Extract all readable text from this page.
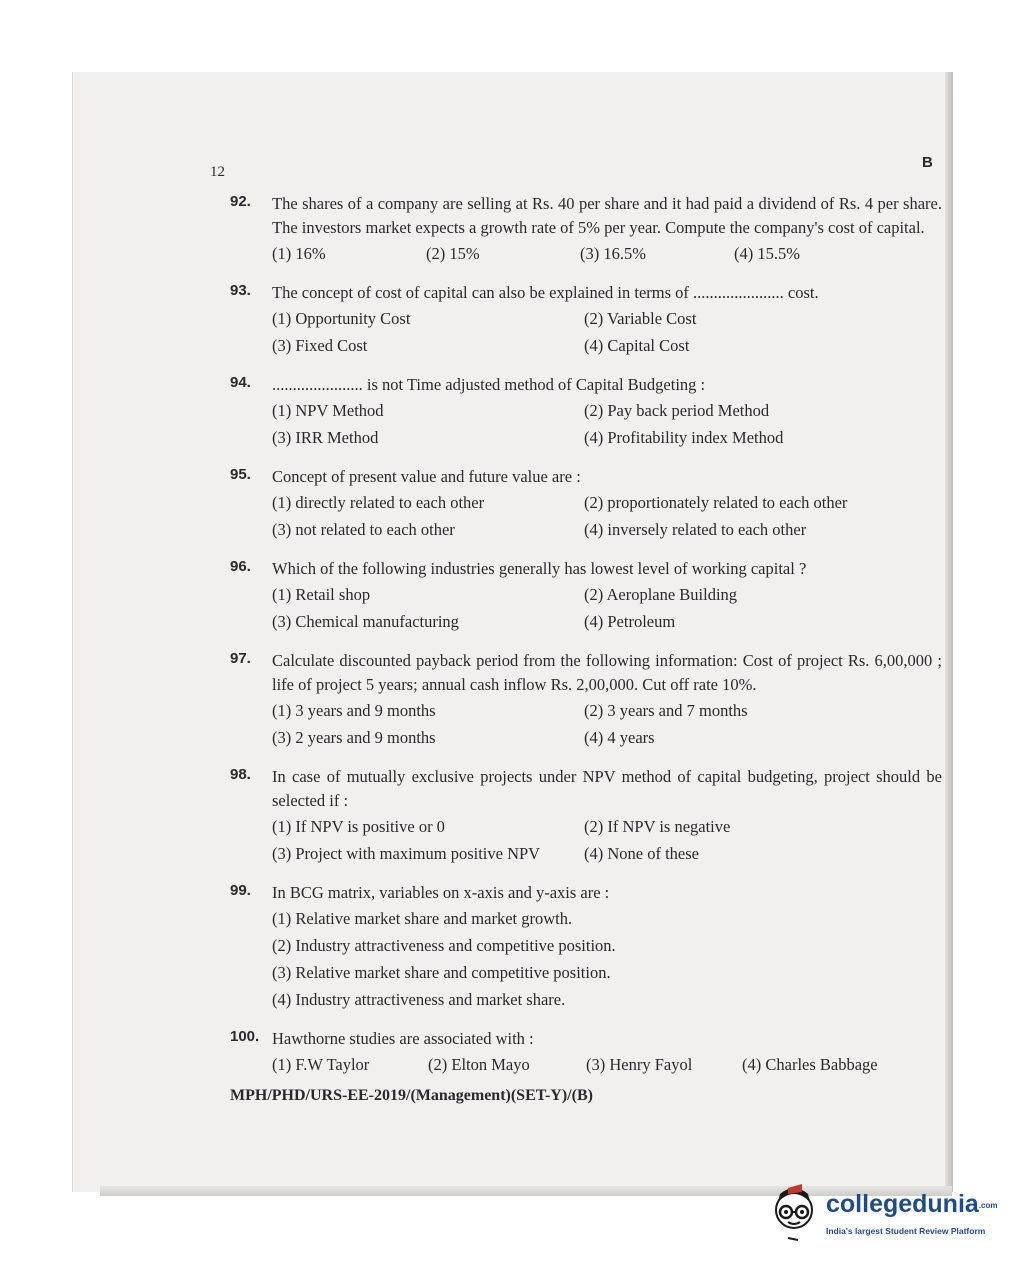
12
B
92. The shares of a company are selling at Rs. 40 per share and it had paid a dividend of Rs. 4 per share. The investors market expects a growth rate of 5% per year. Compute the company's cost of capital.
(1) 16%	(2) 15%	(3) 16.5%	(4) 15.5%
93. The concept of cost of capital can also be explained in terms of ...................... cost.
(1) Opportunity Cost	(2) Variable Cost
(3) Fixed Cost	(4) Capital Cost
94. ...................... is not Time adjusted method of Capital Budgeting :
(1) NPV Method	(2) Pay back period Method
(3) IRR Method	(4) Profitability index Method
95. Concept of present value and future value are :
(1) directly related to each other	(2) proportionately related to each other
(3) not related to each other	(4) inversely related to each other
96. Which of the following industries generally has lowest level of working capital ?
(1) Retail shop	(2) Aeroplane Building
(3) Chemical manufacturing	(4) Petroleum
97. Calculate discounted payback period from the following information: Cost of project Rs. 6,00,000 ; life of project 5 years; annual cash inflow Rs. 2,00,000. Cut off rate 10%.
(1) 3 years and 9 months	(2) 3 years and 7 months
(3) 2 years and 9 months	(4) 4 years
98. In case of mutually exclusive projects under NPV method of capital budgeting, project should be selected if :
(1) If NPV is positive or 0	(2) If NPV is negative
(3) Project with maximum positive NPV	(4) None of these
99. In BCG matrix, variables on x-axis and y-axis are :
(1) Relative market share and market growth.
(2) Industry attractiveness and competitive position.
(3) Relative market share and competitive position.
(4) Industry attractiveness and market share.
100. Hawthorne studies are associated with :
(1) F.W Taylor	(2) Elton Mayo	(3) Henry Fayol	(4) Charles Babbage
MPH/PHD/URS-EE-2019/(Management)(SET-Y)/(B)
collegedunia.com
India's largest Student Review Platform
